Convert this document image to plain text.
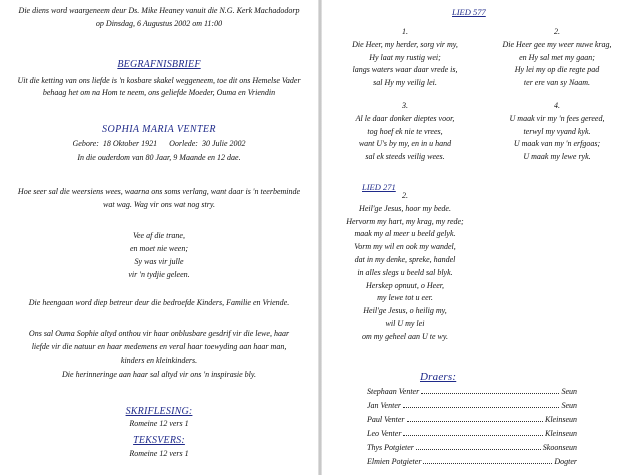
Die diens word waargeneem deur Ds. Mike Heaney vanuit die N.G. Kerk Machadodorp
op Dinsdag, 6 Augustus 2002 om 11:00
BEGRAFNISBRIEF
Uit die ketting van ons liefde is 'n kosbare skakel weggeneem, toe dit ons Hemelse Vader
behaag het om na Hom te neem, ons geliefde Moeder, Ouma en Vriendin
SOPHIA MARIA VENTER
Gebore:  18 Oktober 1921      Oorlede:  30 Julie 2002
In die ouderdom van 80 Jaar, 9 Maande en 12 dae.
Hoe seer sal die weersiens wees, waarna ons soms verlang, want daar is 'n teerbeminde
wat wag. Wag vir ons wat nog stry.
Vee af die trane,
en moet nie ween;
Sy was vir julle
vir 'n tydjie geleen.
Die heengaan word diep betreur deur die bedroefde Kinders, Familie en Vriende.
Ons sal Ouma Sophie altyd onthou vir haar onblusbare gesdrif vir die lewe, haar
liefde vir die natuur en haar medemens en veral haar toewyding aan haar man,
kinders en kleinkinders.
Die herinneringe aan haar sal altyd vir ons 'n inspirasie bly.
SKRIFLESING:
Romeine 12 vers 1
TEKSVERS:
Romeine 12 vers 1
LIED 577
1.
Die Heer, my herder, sorg vir my,
Hy laat my rustig wei;
langs waters waar daar vrede is,
sal Hy my veilig lei.
2.
Die Heer gee my weer nuwe krag,
en Hy sal met my gaan;
Hy lei my op die regte pad
ter ere van sy Naam.
3.
Al le daar donker dieptes voor,
tog hoef ek nie te vrees,
want U's by my, en in u hand
sal ek steeds veilig wees.
4.
U maak vir my 'n fees gereed,
terwyl my vyand kyk.
U maak van my 'n erfgoas;
U maak my lewe ryk.
LIED 271
2.
Heil'ge Jesus, hoor my bede.
Hervorm my hart, my krag, my rede;
maak my al meer u beeld gelyk.
Vorm my wil en ook my wandel,
dat in my denke, spreke, handel
in alles slegs u beeld sal blyk.
Herskep opnuut, o Heer,
my lewe tot u eer.
Heil'ge Jesus, o heilig my,
wil U my lei
om my geheel aan U te wy.
Draers:
Stephaan Venter	Seun
Jan Venter	Seun
Paul Venter	Kleinseun
Leo Venter	Kleinseun
Thys Potgieter	Skoonseun
Elmien Potgieter	Dogter
